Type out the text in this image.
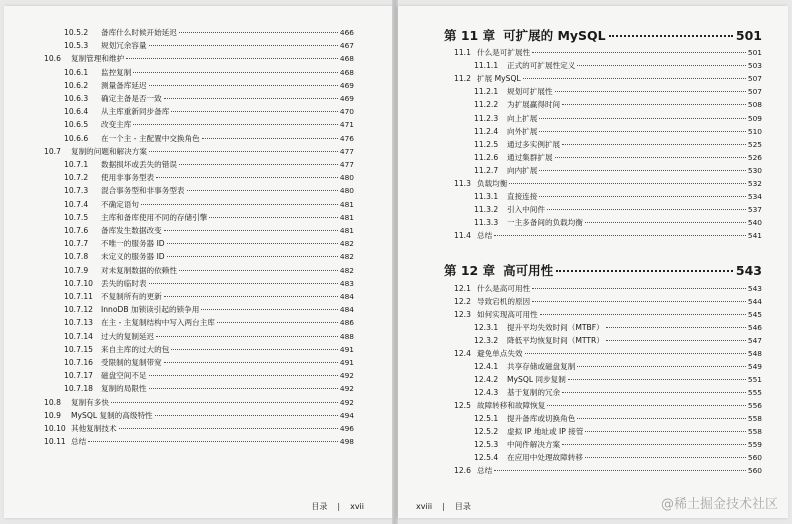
10.5.2	备库什么时候开始延迟	466
10.5.3	规划冗余容量	467
10.6	复制管理和维护	468
10.6.1	监控复制	468
10.6.2	测量备库延迟	469
10.6.3	确定主备是否一致	469
10.6.4	从主库重新同步备库	470
10.6.5	改变主库	471
10.6.6	在一个主 - 主配置中交换角色	476
10.7	复制的问题和解决方案	477
10.7.1	数据损坏或丢失的错误	477
10.7.2	使用非事务型表	480
10.7.3	混合事务型和非事务型表	480
10.7.4	不确定语句	481
10.7.5	主库和备库使用不同的存储引擎	481
10.7.6	备库发生数据改变	481
10.7.7	不唯一的服务器 ID	482
10.7.8	未定义的服务器 ID	482
10.7.9	对未复制数据的依赖性	482
10.7.10	丢失的临时表	483
10.7.11	不复制所有的更新	484
10.7.12	InnoDB 加锁读引起的锁争用	484
10.7.13	在主 - 主复制结构中写入两台主库	486
10.7.14	过大的复制延迟	488
10.7.15	来自主库的过大的包	491
10.7.16	受限制的复制带宽	491
10.7.17	磁盘空间不足	492
10.7.18	复制的局限性	492
10.8	复制有多快	492
10.9	MySQL 复制的高级特性	494
10.10 其他复制技术	496
10.11 总结	498
目录 | xvii
第 11 章 可扩展的 MySQL	501
11.1 什么是可扩展性	501
11.1.1	正式的可扩展性定义	503
11.2 扩展 MySQL	507
11.2.1	规划可扩展性	507
11.2.2	为扩展赢得时间	508
11.2.3	向上扩展	509
11.2.4	向外扩展	510
11.2.5	通过多实例扩展	525
11.2.6	通过集群扩展	526
11.2.7	向内扩展	530
11.3 负载均衡	532
11.3.1	直接连接	534
11.3.2	引入中间件	537
11.3.3	一主多备间的负载均衡	540
11.4 总结	541
第 12 章 高可用性	543
12.1 什么是高可用性	543
12.2 导致宕机的原因	544
12.3 如何实现高可用性	545
12.3.1	提升平均失效时间（MTBF）	546
12.3.2	降低平均恢复时间（MTTR）	547
12.4 避免单点失效	548
12.4.1	共享存储或磁盘复制	549
12.4.2	MySQL 同步复制	551
12.4.3	基于复制的冗余	555
12.5 故障转移和故障恢复	556
12.5.1	提升备库或切换角色	558
12.5.2	虚拟 IP 地址或 IP 接管	558
12.5.3	中间件解决方案	559
12.5.4	在应用中处理故障转移	560
12.6 总结	560
xviii | 目录	@稀土掘金技术社区
